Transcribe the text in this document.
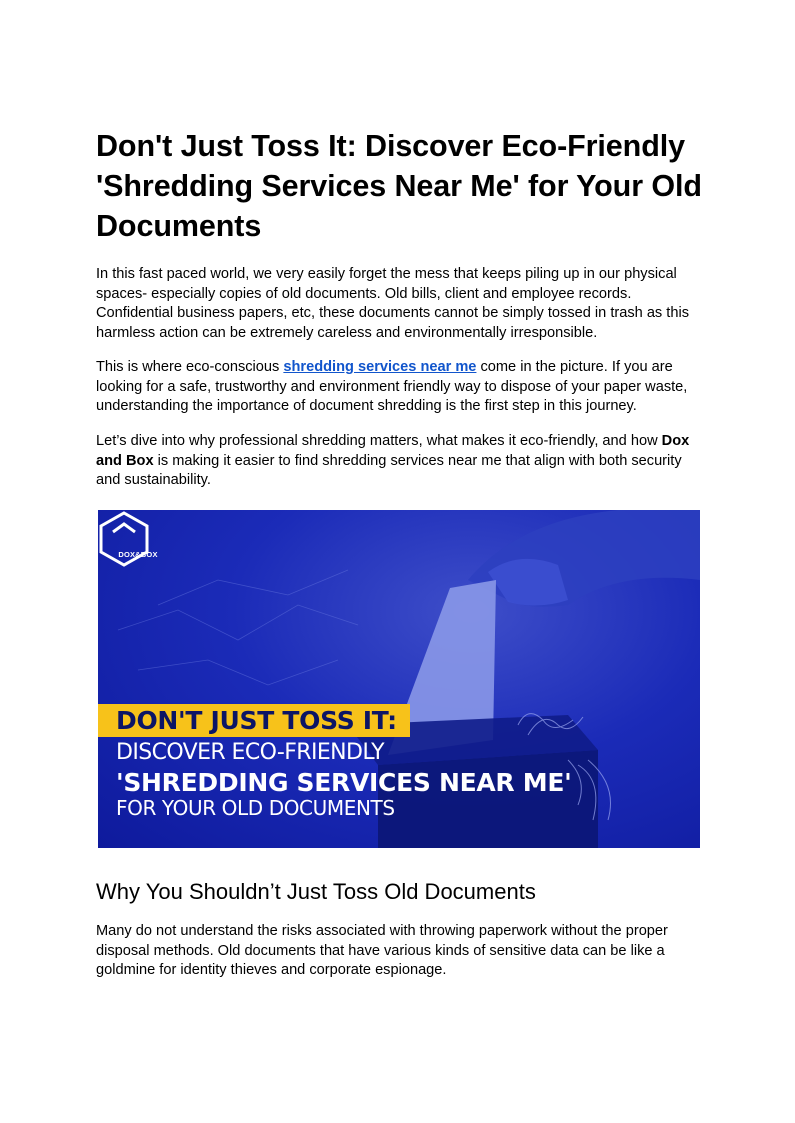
Don't Just Toss It: Discover Eco-Friendly 'Shredding Services Near Me' for Your Old Documents

In this fast paced world, we very easily forget the mess that keeps piling up in our physical spaces- especially copies of old documents. Old bills, client and employee records. Confidential business papers, etc, these documents cannot be simply tossed in trash as this harmless action can be extremely careless and environmentally irresponsible.

This is where eco-conscious shredding services near me come in the picture. If you are looking for a safe, trustworthy and environment friendly way to dispose of your paper waste, understanding the importance of document shredding is the first step in this journey.

Let’s dive into why professional shredding matters, what makes it eco-friendly, and how Dox and Box is making it easier to find shredding services near me that align with both security and sustainability.

DOX&BOX
DON'T JUST TOSS IT:
DISCOVER ECO-FRIENDLY
'SHREDDING SERVICES NEAR ME'
FOR YOUR OLD DOCUMENTS
Why You Shouldn’t Just Toss Old Documents

Many do not understand the risks associated with throwing paperwork without the proper disposal methods. Old documents that have various kinds of sensitive data can be like a goldmine for identity thieves and corporate espionage.
